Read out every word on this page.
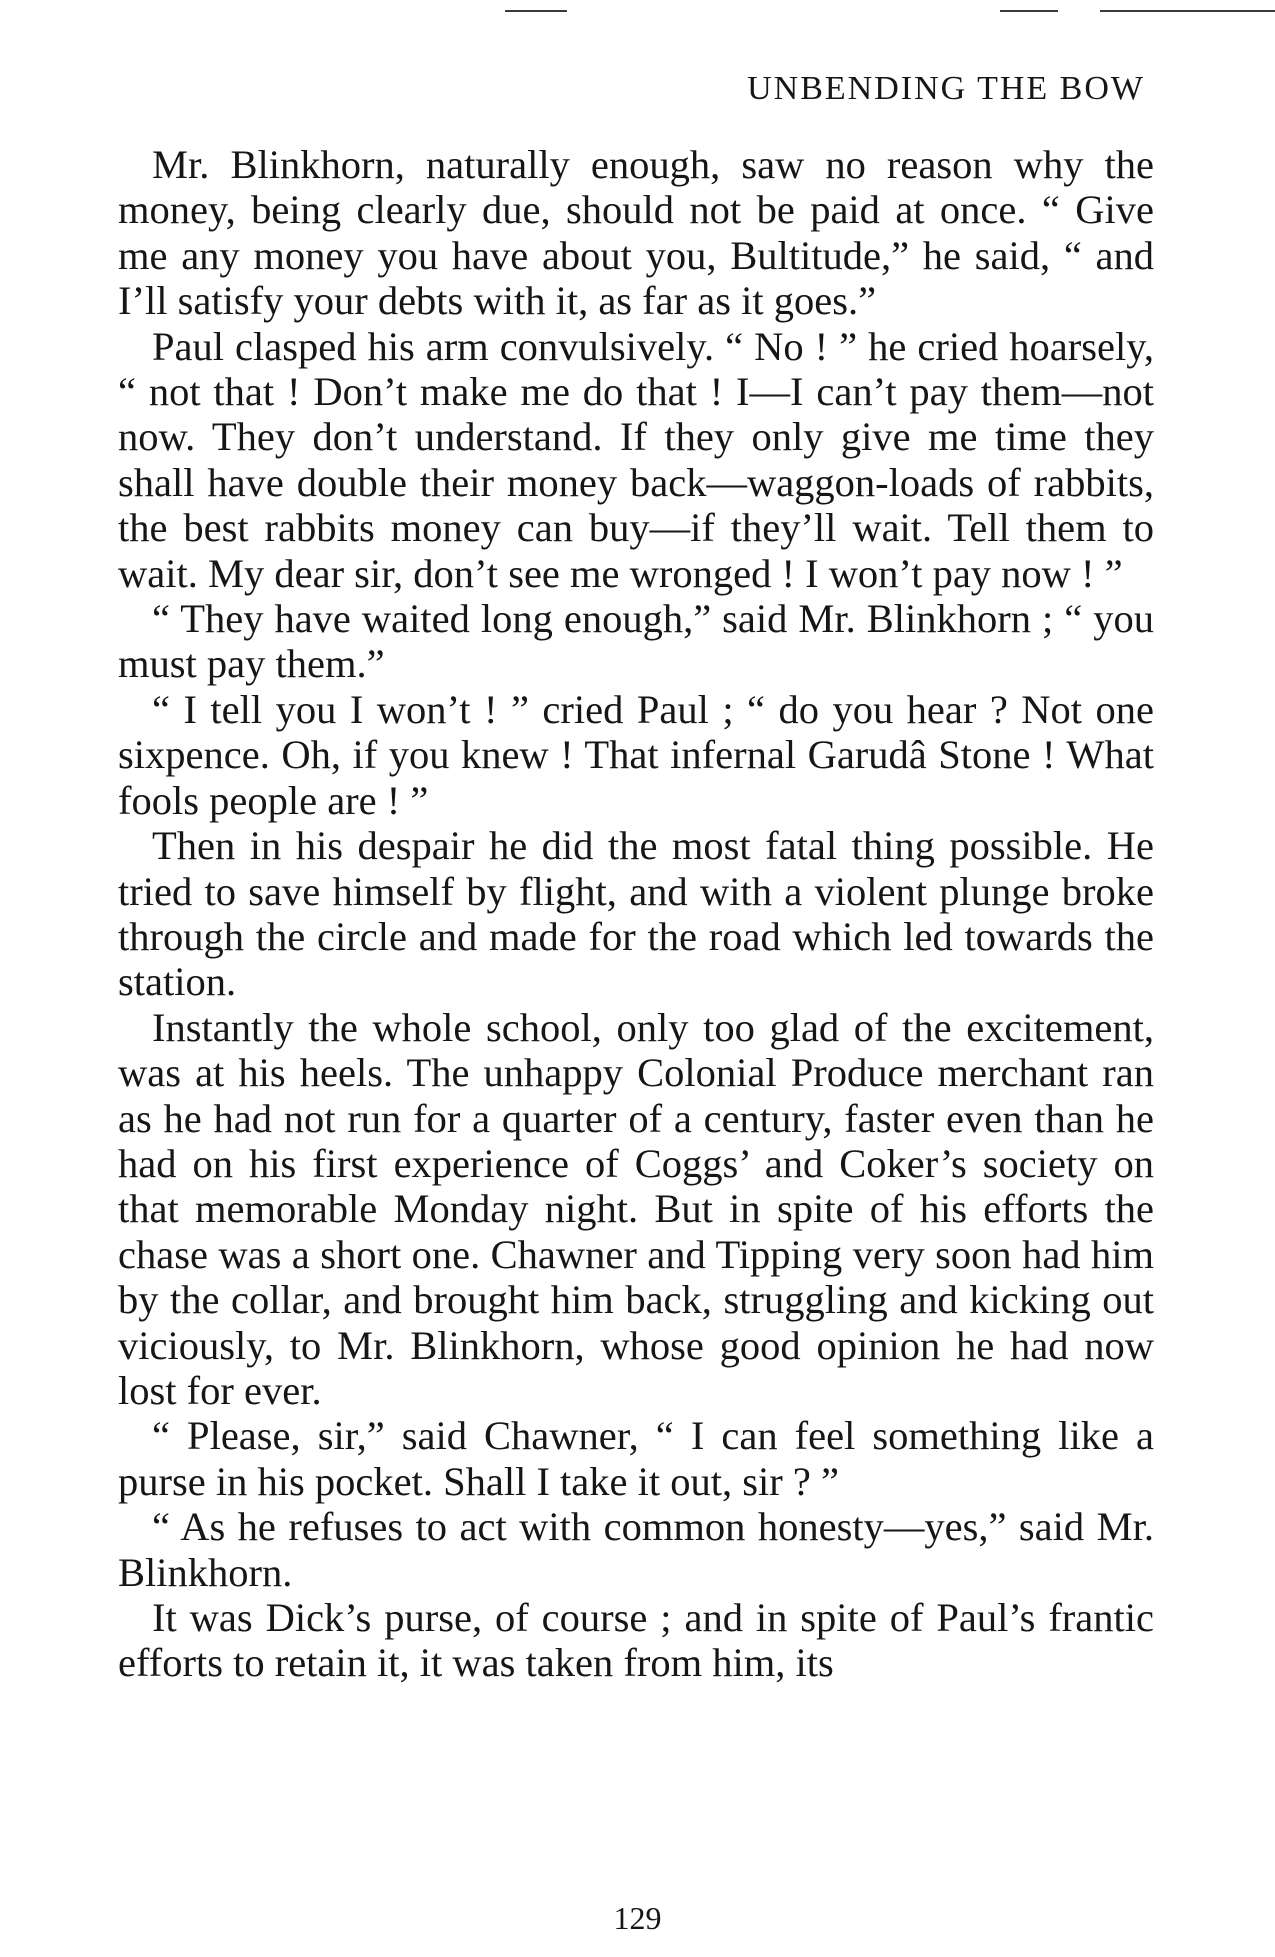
UNBENDING THE BOW

Mr. Blinkhorn, naturally enough, saw no reason why the money, being clearly due, should not be paid at once. “ Give me any money you have about you, Bultitude,” he said, “ and I’ll satisfy your debts with it, as far as it goes.”

Paul clasped his arm convulsively. “ No ! ” he cried hoarsely, “ not that ! Don’t make me do that ! I—I can’t pay them—not now. They don’t understand. If they only give me time they shall have double their money back—waggon-loads of rabbits, the best rabbits money can buy—if they’ll wait. Tell them to wait. My dear sir, don’t see me wronged ! I won’t pay now ! ”

“ They have waited long enough,” said Mr. Blinkhorn ; “ you must pay them.”

“ I tell you I won’t ! ” cried Paul ; “ do you hear ? Not one sixpence. Oh, if you knew ! That infernal Garudâ Stone ! What fools people are ! ”

Then in his despair he did the most fatal thing possible. He tried to save himself by flight, and with a violent plunge broke through the circle and made for the road which led towards the station.

Instantly the whole school, only too glad of the excitement, was at his heels. The unhappy Colonial Produce merchant ran as he had not run for a quarter of a century, faster even than he had on his first experience of Coggs’ and Coker’s society on that memorable Monday night. But in spite of his efforts the chase was a short one. Chawner and Tipping very soon had him by the collar, and brought him back, struggling and kicking out viciously, to Mr. Blinkhorn, whose good opinion he had now lost for ever.

“ Please, sir,” said Chawner, “ I can feel something like a purse in his pocket. Shall I take it out, sir ? ”

“ As he refuses to act with common honesty—yes,” said Mr. Blinkhorn.

It was Dick’s purse, of course ; and in spite of Paul’s frantic efforts to retain it, it was taken from him, its

129
